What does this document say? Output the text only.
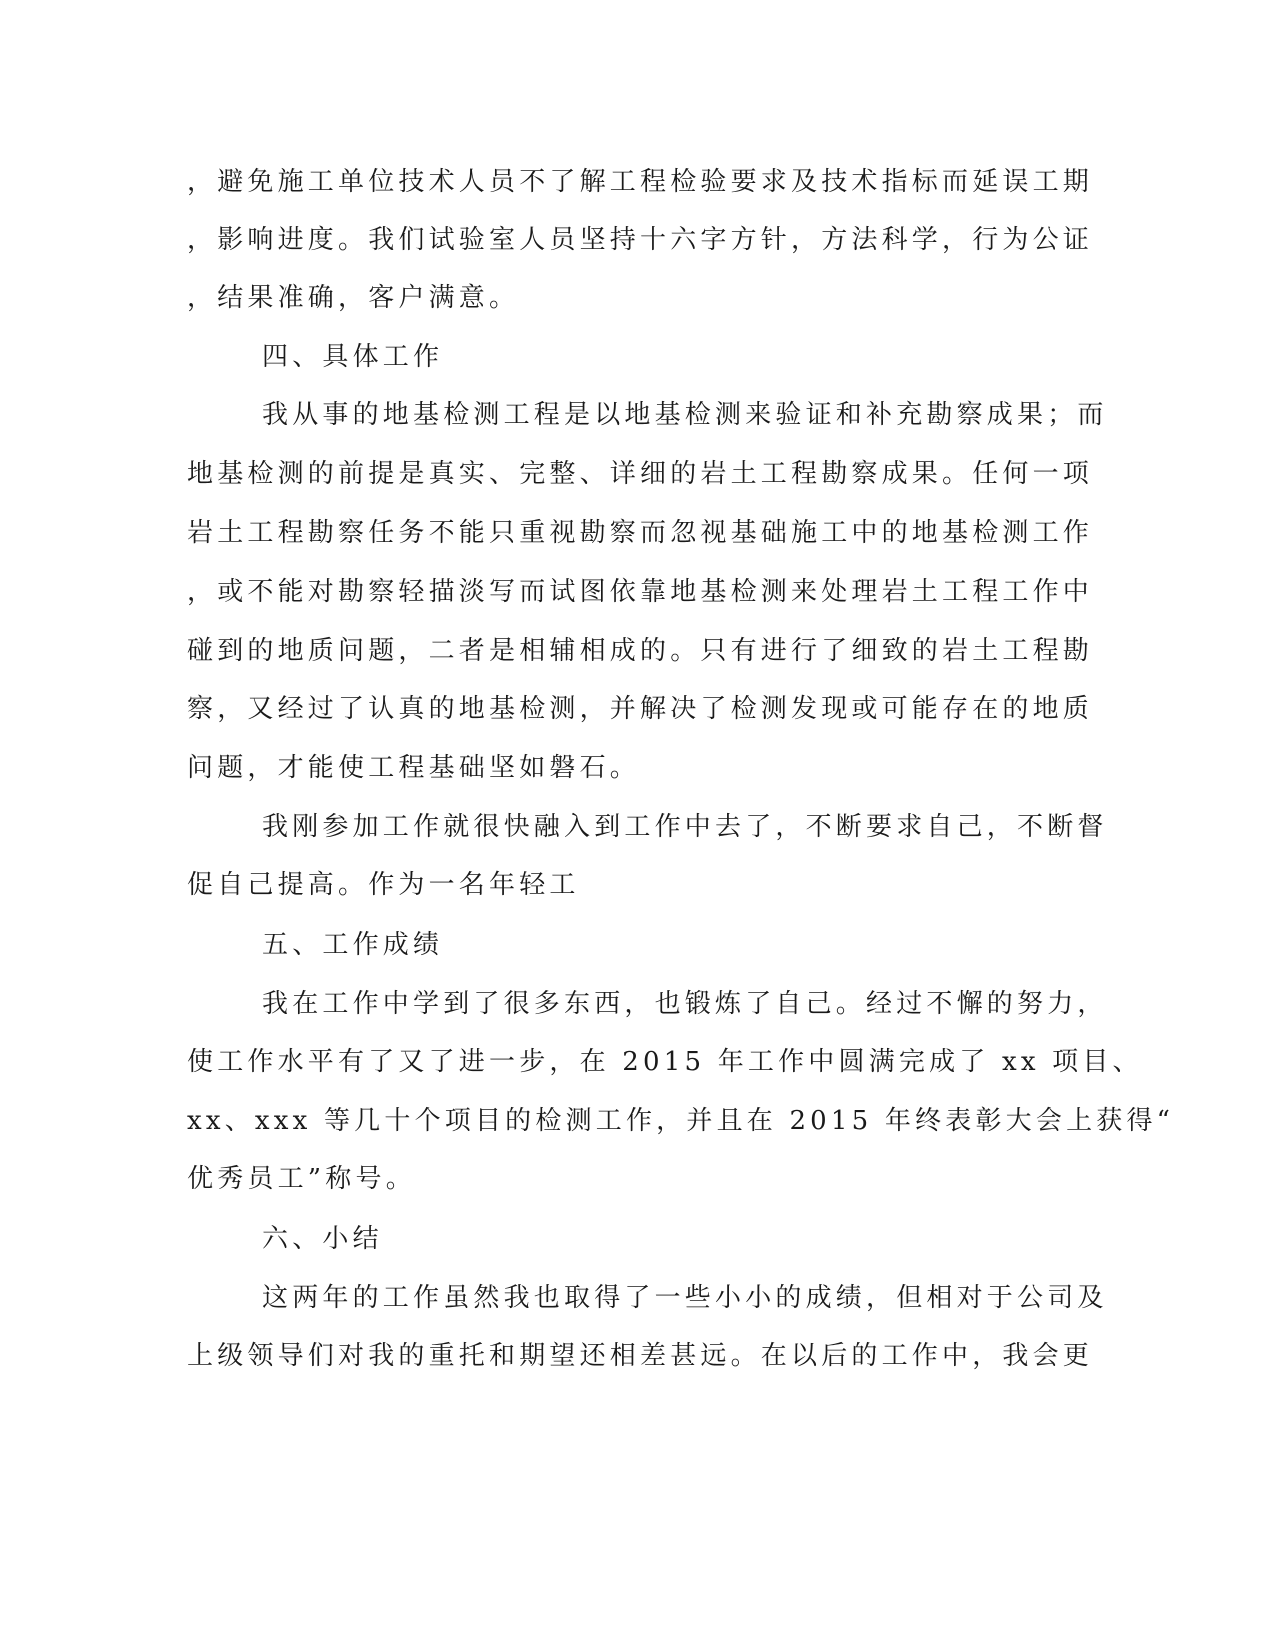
，避免施工单位技术人员不了解工程检验要求及技术指标而延误工期
，影响进度。我们试验室人员坚持十六字方针，方法科学，行为公证
，结果准确，客户满意。
四、具体工作
我从事的地基检测工程是以地基检测来验证和补充勘察成果；而
地基检测的前提是真实、完整、详细的岩土工程勘察成果。任何一项
岩土工程勘察任务不能只重视勘察而忽视基础施工中的地基检测工作
，或不能对勘察轻描淡写而试图依靠地基检测来处理岩土工程工作中
碰到的地质问题，二者是相辅相成的。只有进行了细致的岩土工程勘
察，又经过了认真的地基检测，并解决了检测发现或可能存在的地质
问题，才能使工程基础坚如磐石。
我刚参加工作就很快融入到工作中去了，不断要求自己，不断督
促自己提高。作为一名年轻工
五、工作成绩
我在工作中学到了很多东西，也锻炼了自己。经过不懈的努力，
使工作水平有了又了进一步，在 2015 年工作中圆满完成了 xx 项目、
xx、xxx 等几十个项目的检测工作，并且在 2015 年终表彰大会上获得“
优秀员工”称号。
六、小结
这两年的工作虽然我也取得了一些小小的成绩，但相对于公司及
上级领导们对我的重托和期望还相差甚远。在以后的工作中，我会更
